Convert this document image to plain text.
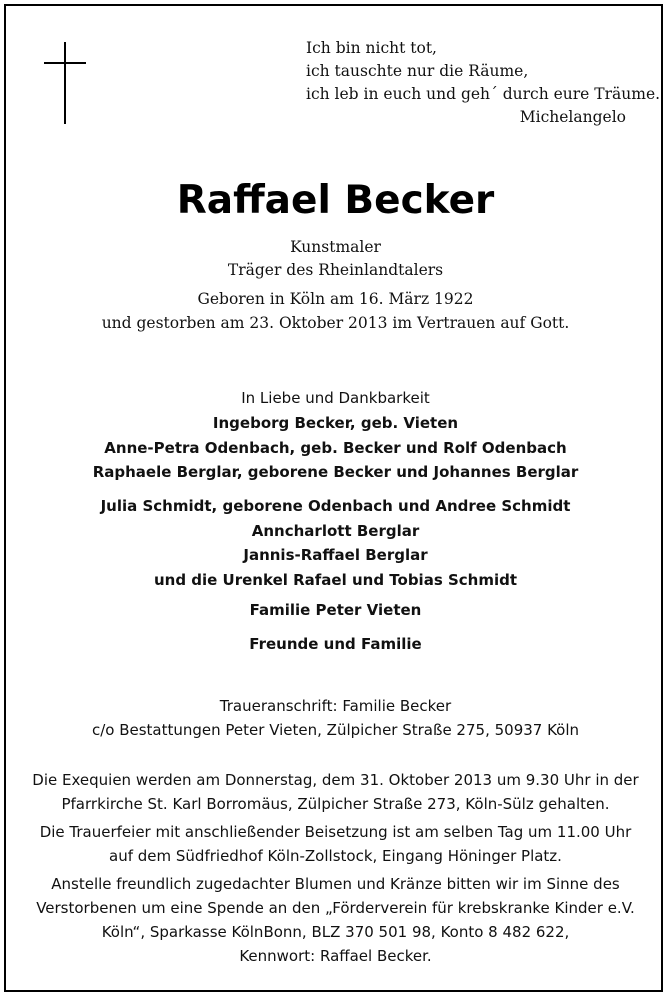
Ich bin nicht tot,
ich tauschte nur die Räume,
ich leb in euch und geh´ durch eure Träume.
Michelangelo
Raffael Becker
Kunstmaler
Träger des Rheinlandtalers
Geboren in Köln am 16. März 1922
und gestorben am 23. Oktober 2013 im Vertrauen auf Gott.
In Liebe und Dankbarkeit
Ingeborg Becker, geb. Vieten
Anne-Petra Odenbach, geb. Becker und Rolf Odenbach
Raphaele Berglar, geborene Becker und Johannes Berglar
Julia Schmidt, geborene Odenbach und Andree Schmidt
Anncharlott Berglar
Jannis-Raffael Berglar
und die Urenkel Rafael und Tobias Schmidt
Familie Peter Vieten
Freunde und Familie
Traueranschrift: Familie Becker
c/o Bestattungen Peter Vieten, Zülpicher Straße 275, 50937 Köln
Die Exequien werden am Donnerstag, dem 31. Oktober 2013 um 9.30 Uhr in der
Pfarrkirche St. Karl Borromäus, Zülpicher Straße 273, Köln-Sülz gehalten.
Die Trauerfeier mit anschließender Beisetzung ist am selben Tag um 11.00 Uhr
auf dem Südfriedhof Köln-Zollstock, Eingang Höninger Platz.
Anstelle freundlich zugedachter Blumen und Kränze bitten wir im Sinne des
Verstorbenen um eine Spende an den „Förderverein für krebskranke Kinder e.V.
Köln“, Sparkasse KölnBonn, BLZ 370 501 98, Konto 8 482 622,
Kennwort: Raffael Becker.
